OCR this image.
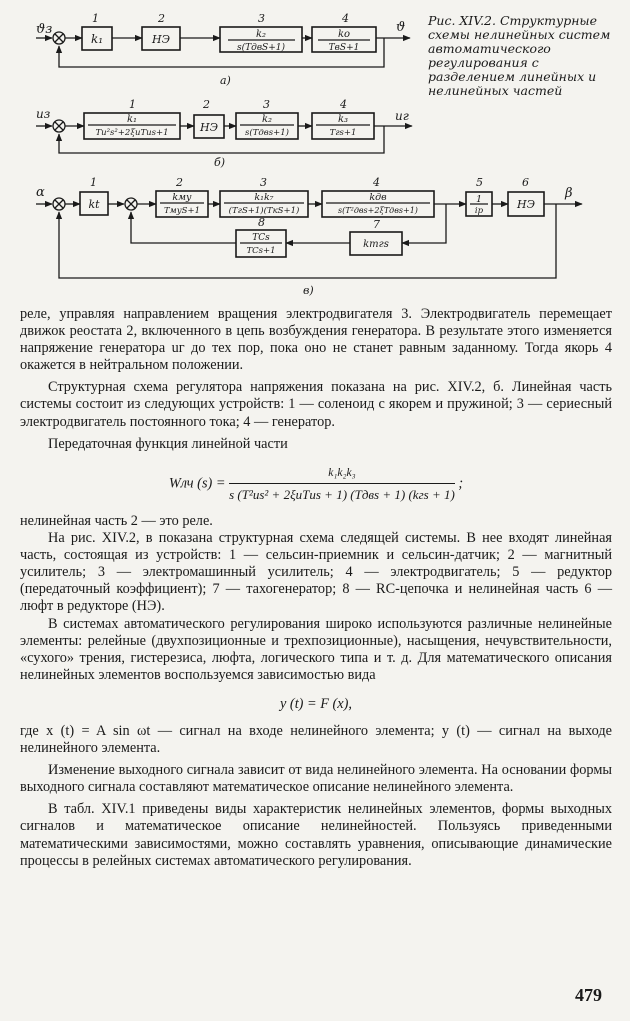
ϑз
1
k₁
2
НЭ
3
k₂
s(TдвS+1)
4
kо
TвS+1
ϑ
а)
uз
1
k₁
Tи²s²+2ξиTиs+1
2
НЭ
3
k₂
s(Tдвs+1)
4
k₃
Tгs+1
uг
б)
α
1
kt
2
kму
TмуS+1
3
k₁k₇
(TгS+1)(TкS+1)
4
kдв
s(T²двs+2ξTдвs+1)
5
1
ip
6
НЭ
β
7
kтгs
8
TCs
TCs+1
в)
Рис. XIV.2. Структурные схемы нелинейных систем автоматического регулирования с разделением линейных и нелинейных частей

реле, управляя направлением вращения электродвигателя 3. Электродвигатель перемещает движок реостата 2, включенного в цепь возбуждения генератора. В результате этого изменяется напряжение генератора uг до тех пор, пока оно не станет равным заданному. Тогда якорь 4 окажется в нейтральном положении.

Структурная схема регулятора напряжения показана на рис. XIV.2, б. Линейная часть системы состоит из следующих устройств: 1 — соленоид с якорем и пружиной; 3 — сериесный электродвигатель постоянного тока; 4 — генератор.

Передаточная функция линейной части

Wлч $(s) = \frac{\text{k₁k₂k₃}}{\text{s (T²иs² + 2ξиTиs + 1) (Tдвs + 1) (kгs + 1)}}$ ;

нелинейная часть 2 — это реле.

На рис. XIV.2, в показана структурная схема следящей системы. В нее входят линейная часть, состоящая из устройств: 1 — сельсин-приемник и сельсин-датчик; 2 — магнитный усилитель; 3 — электромашинный усилитель; 4 — электродвигатель; 5 — редуктор (передаточный коэффициент); 7 — тахогенератор; 8 — RC-цепочка и нелинейная часть 6 — люфт в редукторе (НЭ).

В системах автоматического регулирования широко используются различные нелинейные элементы: релейные (двухпозиционные и трехпозиционные), насыщения, нечувствительности, «сухого» трения, гистерезиса, люфта, логического типа и т. д. Для математического описания нелинейных элементов воспользуемся зависимостью вида

y (t) = F (x),

где x (t) = A sin ωt — сигнал на входе нелинейного элемента; y (t) — сигнал на выходе нелинейного элемента.

Изменение выходного сигнала зависит от вида нелинейного элемента. На основании формы выходного сигнала составляют математическое описание нелинейного элемента.

В табл. XIV.1 приведены виды характеристик нелинейных элементов, формы выходных сигналов и математическое описание нелинейностей. Пользуясь приведенными математическими зависимостями, можно составлять уравнения, описывающие динамические процессы в релейных системах автоматического регулирования.

479
